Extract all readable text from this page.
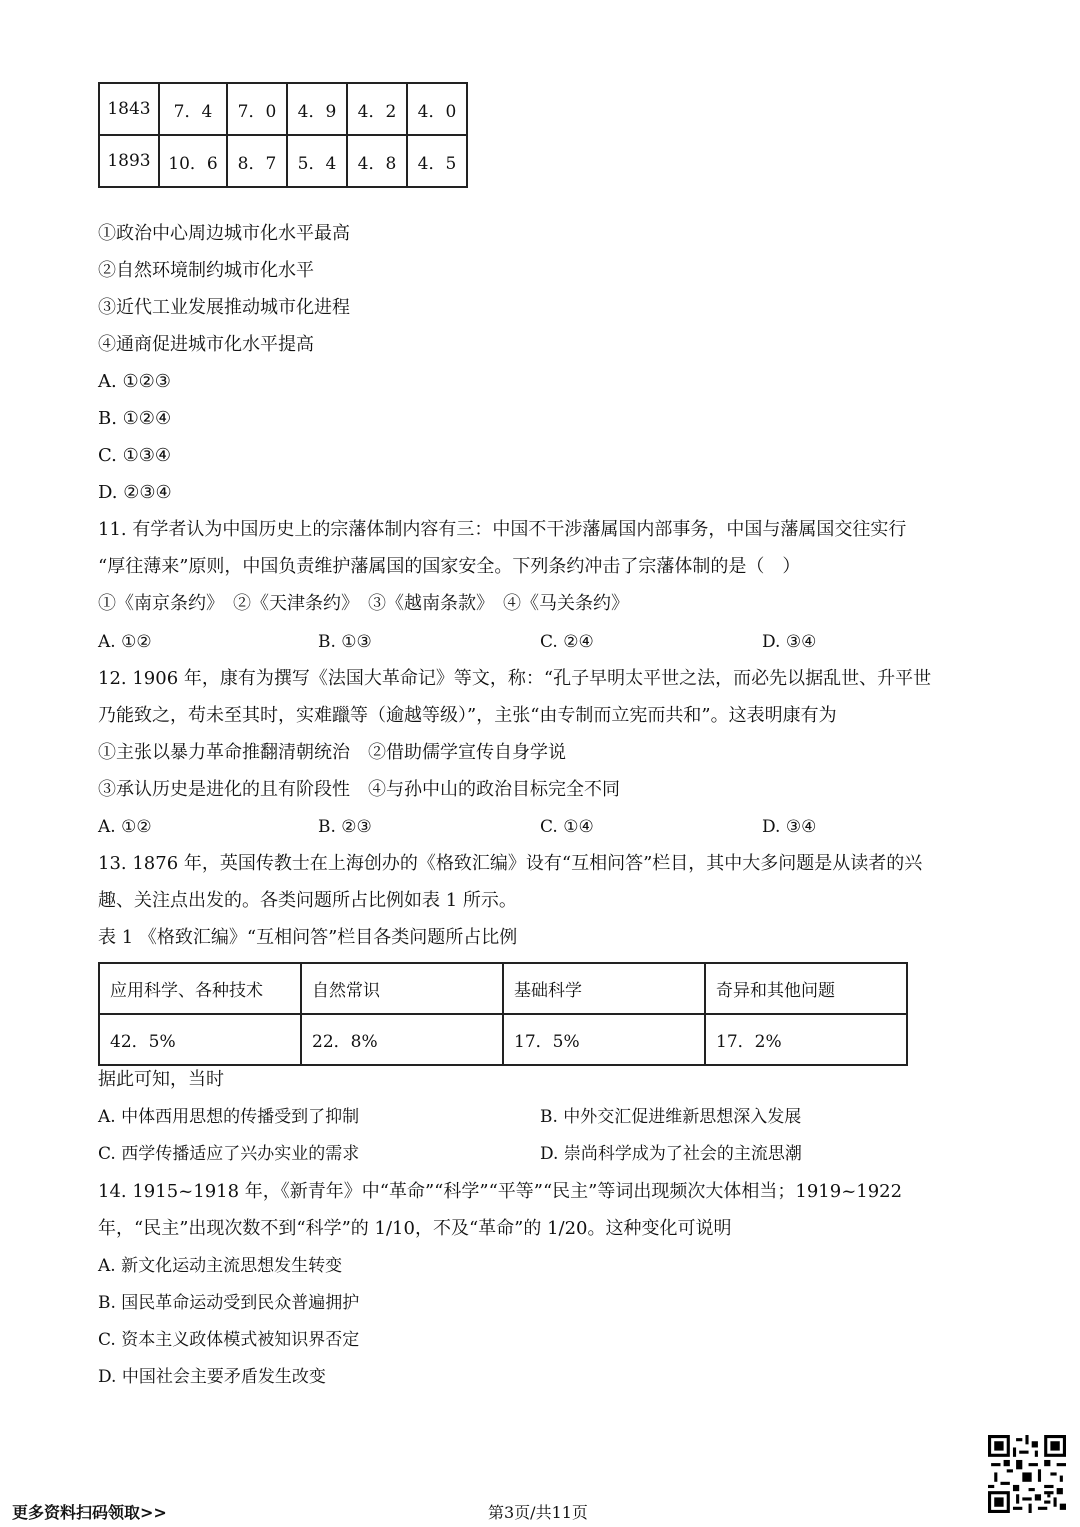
1843	7．4	7．0	4．9	4．2	4．0
1893	10．6	8．7	5．4	4．8	4．5
①政治中心周边城市化水平最高
②自然环境制约城市化水平
③近代工业发展推动城市化进程
④通商促进城市化水平提高
A. ①②③
B. ①②④
C. ①③④
D. ②③④
11. 有学者认为中国历史上的宗藩体制内容有三：中国不干涉藩属国内部事务，中国与藩属国交往实行
“厚往薄来”原则，中国负责维护藩属国的国家安全。下列条约冲击了宗藩体制的是（　）
①《南京条约》　②《天津条约》　③《越南条款》　④《马关条约》
A. ①②	B. ①③	C. ②④	D. ③④
12. 1906 年，康有为撰写《法国大革命记》等文，称：“孔子早明太平世之法，而必先以据乱世、升平世
乃能致之，苟未至其时，实难躐等（逾越等级）”，主张“由专制而立宪而共和”。这表明康有为
①主张以暴力革命推翻清朝统治　②借助儒学宣传自身学说
③承认历史是进化的且有阶段性　④与孙中山的政治目标完全不同
A. ①②	B. ②③	C. ①④	D. ③④
13. 1876 年，英国传教士在上海创办的《格致汇编》设有“互相问答”栏目，其中大多问题是从读者的兴
趣、关注点出发的。各类问题所占比例如表 1 所示。
表 1 《格致汇编》“互相问答”栏目各类问题所占比例
应用科学、各种技术	自然常识	基础科学	奇异和其他问题
42．5%	22．8%	17．5%	17．2%
据此可知，当时
A. 中体西用思想的传播受到了抑制	B. 中外交汇促进维新思想深入发展
C. 西学传播适应了兴办实业的需求	D. 崇尚科学成为了社会的主流思潮
14. 1915~1918 年，《新青年》中“革命”“科学”“平等”“民主”等词出现频次大体相当；1919~1922
年，“民主”出现次数不到“科学”的 1/10，不及“革命”的 1/20。这种变化可说明
A. 新文化运动主流思想发生转变
B. 国民革命运动受到民众普遍拥护
C. 资本主义政体模式被知识界否定
D. 中国社会主要矛盾发生改变
更多资料扫码领取>>	第3页/共11页
